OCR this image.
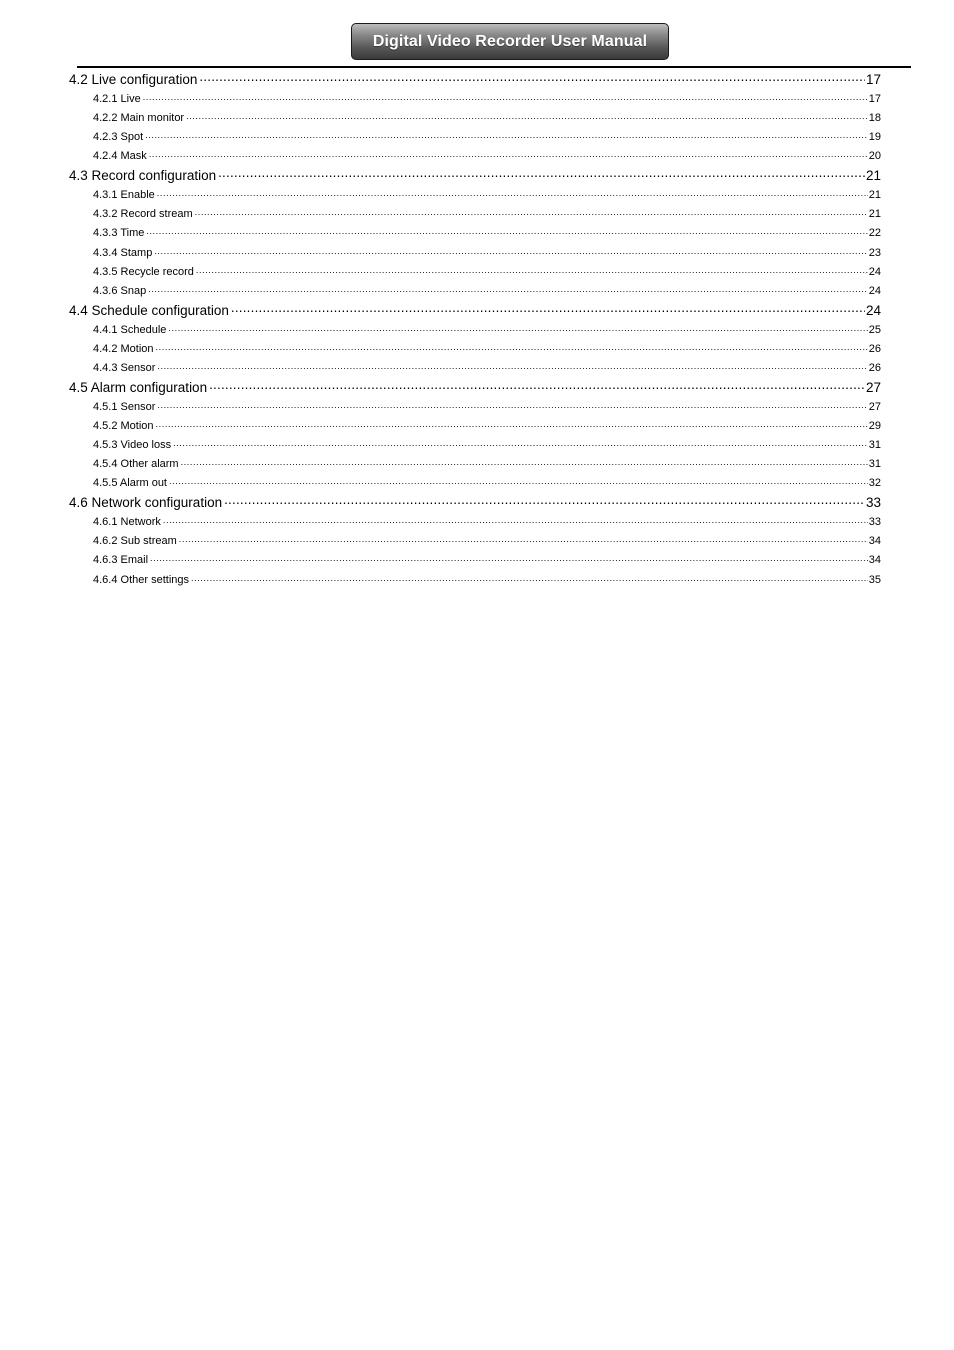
Digital Video Recorder User Manual
4.2 Live configuration .....	17
4.2.1 Live .....	17
4.2.2 Main monitor .....	18
4.2.3 Spot .....	19
4.2.4 Mask .....	20
4.3 Record configuration .....	21
4.3.1 Enable .....	21
4.3.2 Record stream .....	21
4.3.3 Time .....	22
4.3.4 Stamp .....	23
4.3.5 Recycle record .....	24
4.3.6 Snap .....	24
4.4 Schedule configuration .....	24
4.4.1 Schedule .....	25
4.4.2 Motion .....	26
4.4.3 Sensor .....	26
4.5 Alarm configuration .....	27
4.5.1 Sensor .....	27
4.5.2 Motion .....	29
4.5.3 Video loss .....	31
4.5.4 Other alarm .....	31
4.5.5 Alarm out .....	32
4.6 Network configuration .....	33
4.6.1 Network .....	33
4.6.2 Sub stream .....	34
4.6.3 Email .....	34
4.6.4 Other settings .....	35
